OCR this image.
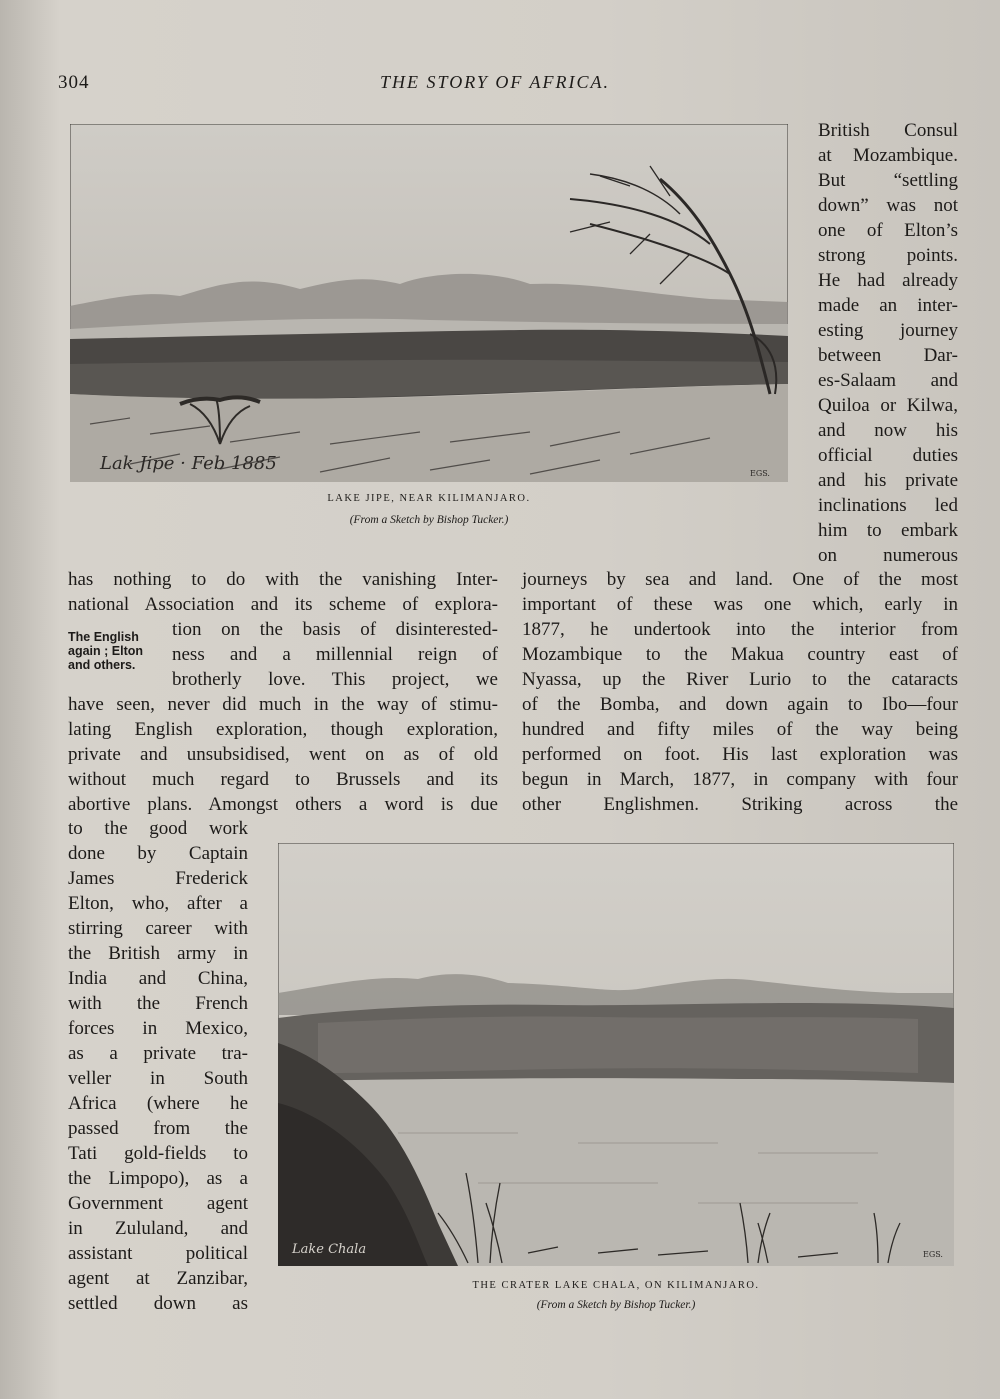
304	THE STORY OF AFRICA.
Lak Jipe · Feb 1885	EGS.
LAKE JIPE, NEAR KILIMANJARO.
(From a Sketch by Bishop Tucker.)
British Consul
at Mozambique.
But “settling
down” was not
one of Elton’s
strong points.
He had already
made an inter-
esting journey
between Dar-
es-Salaam and
Quiloa or Kilwa,
and now his
official duties
and his private
inclinations led
him to embark
on numerous
has nothing to do with the vanishing Inter-
national Association and its scheme of explora-
tion on the basis of disinterested-
ness and a millennial reign of
brotherly love. This project, we
have seen, never did much in the way of stimu-
lating English exploration, though exploration,
private and unsubsidised, went on as of old
without much regard to Brussels and its
abortive plans. Amongst others a word is due
The English
again ; Elton
and others.
journeys by sea and land. One of the most
important of these was one which, early in
1877, he undertook into the interior from
Mozambique to the Makua country east of
Nyassa, up the River Lurio to the cataracts
of the Bomba, and down again to Ibo—four
hundred and fifty miles of the way being
performed on foot. His last exploration was
begun in March, 1877, in company with four
other Englishmen. Striking across the
to the good work
done by Captain
James Frederick
Elton, who, after a
stirring career with
the British army in
India and China,
with the French
forces in Mexico,
as a private tra-
veller in South
Africa (where he
passed from the
Tati gold-fields to
the Limpopo), as a
Government agent
in Zululand, and
assistant political
agent at Zanzibar,
settled down as
Lake Chala	EGS.
THE CRATER LAKE CHALA, ON KILIMANJARO.
(From a Sketch by Bishop Tucker.)
